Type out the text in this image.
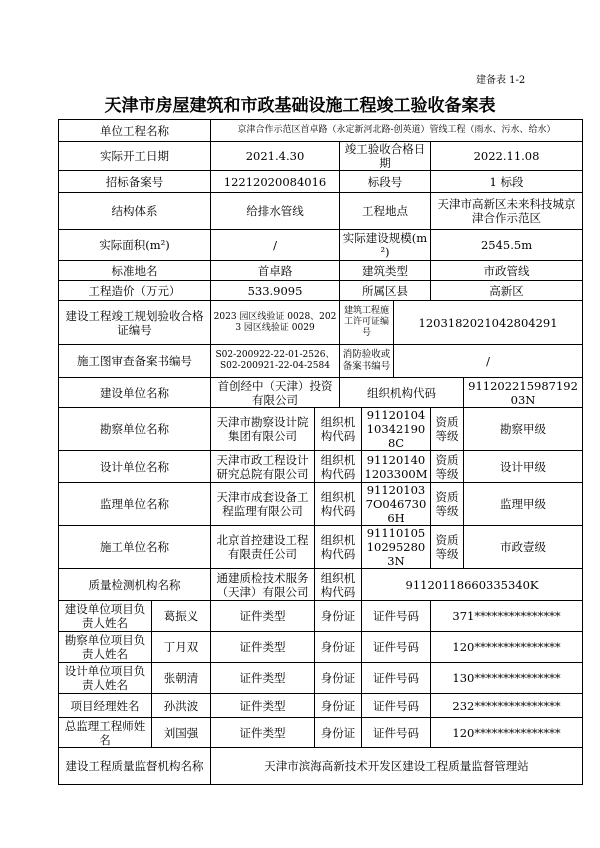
建备表 1-2
天津市房屋建筑和市政基础设施工程竣工验收备案表
单位工程名称		京津合作示范区首卓路（永定新河北路-创英道）管线工程（雨水、污水、给水）						
实际开工日期		2021.4.30		竣工验收合格日期			2022.11.08	
招标备案号		12212020084016		标段号			1 标段	
结构体系		给排水管线		工程地点			天津市高新区未来科技城京津合作示范区	
实际面积(m²)		/		实际建设规模(m²)			2545.5m	
标准地名		首卓路		建筑类型			市政管线	
工程造价（万元）		533.9095		所属区县			高新区	
建设工程竣工规划验收合格证编号		2023 园区线验证 0028、2023 园区线验证 0029		建筑工程施工许可证编号		1203182021042804291		
施工图审查备案书编号		S02-200922-22-01-2526、S02-200921-22-04-2584		消防验收或备案书编号		/		
建设单位名称		首创经中（天津）投资有限公司		组织机构代码				91120221598719203N
勘察单位名称		天津市勘察设计院集团有限公司	组织机构代码		91120104103421908C		资质等级	勘察甲级
设计单位名称		天津市政工程设计研究总院有限公司	组织机构代码		911201401203300M		资质等级	设计甲级
监理单位名称		天津市成套设备工程监理有限公司	组织机构代码		911201037O0467306H		资质等级	监理甲级
施工单位名称		北京首控建设工程有限责任公司	组织机构代码		91110105102952803N		资质等级	市政壹级
质量检测机构名称		通建质检技术服务（天津）有限公司	组织机构代码		91120118660335340K			
建设单位项目负责人姓名	葛振义	证件类型	身份证		证件号码		371***************	
勘察单位项目负责人姓名	丁月双	证件类型	身份证		证件号码		120***************	
设计单位项目负责人姓名	张朝清	证件类型	身份证		证件号码		130***************	
项目经理姓名	孙洪波	证件类型	身份证		证件号码		232***************	
总监理工程师姓名	刘国强	证件类型	身份证		证件号码		120***************	
建设工程质量监督机构名称		天津市滨海高新技术开发区建设工程质量监督管理站						
